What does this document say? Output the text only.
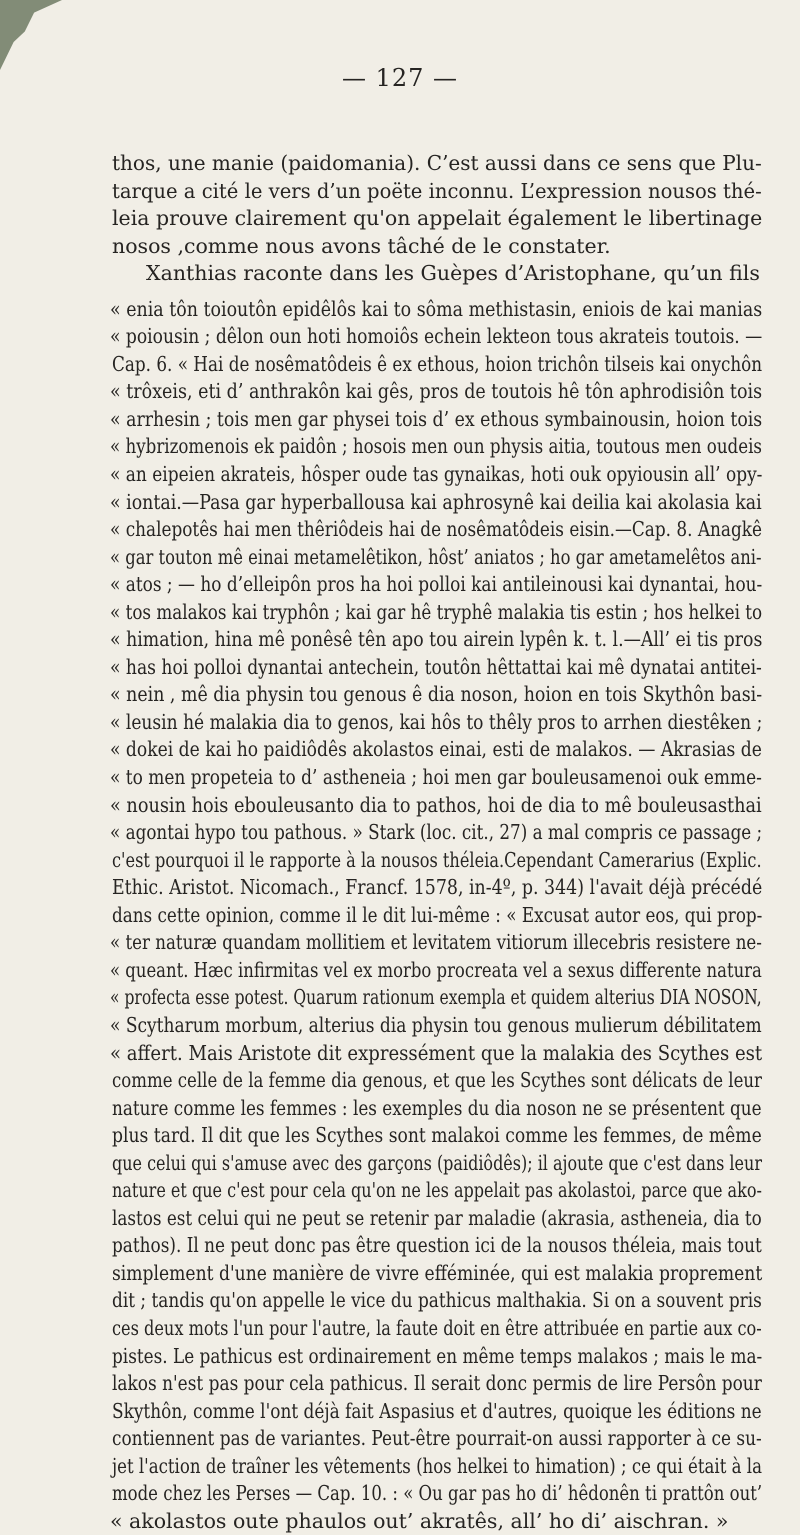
— 127 —
thos, une manie (paidomania). C’est aussi dans ce sens que Plu-
tarque a cité le vers d’un poëte inconnu. L’expression nousos thé-
leia prouve clairement qu'on appelait également le libertinage
nosos ,comme nous avons tâché de le constater.
Xanthias raconte dans les Guèpes d’Aristophane, qu’un fils
« enia tôn toioutôn epidêlôs kai to sôma methistasin, eniois de kai manias
« poiousin ; dêlon oun hoti homoiôs echein lekteon tous akrateis toutois. —
Cap. 6. « Hai de nosêmatôdeis ê ex ethous, hoion trichôn tilseis kai onychôn
« trôxeis, eti d’ anthrakôn kai gês, pros de toutois hê tôn aphrodisiôn tois
« arrhesin ; tois men gar physei tois d’ ex ethous symbainousin, hoion tois
« hybrizomenois ek paidôn ; hosois men oun physis aitia, toutous men oudeis
« an eipeien akrateis, hôsper oude tas gynaikas, hoti ouk opyiousin all’ opy-
« iontai.—Pasa gar hyperballousa kai aphrosynê kai deilia kai akolasia kai
« chalepotês hai men thêriôdeis hai de nosêmatôdeis eisin.—Cap. 8. Anagkê
« gar touton mê einai metamelêtikon, hôst’ aniatos ; ho gar ametamelêtos ani-
« atos ; — ho d’elleipôn pros ha hoi polloi kai antileinousi kai dynantai, hou-
« tos malakos kai tryphôn ; kai gar hê tryphê malakia tis estin ; hos helkei to
« himation, hina mê ponêsê tên apo tou airein lypên k. t. l.—All’ ei tis pros
« has hoi polloi dynantai antechein, toutôn hêttattai kai mê dynatai antitei-
« nein , mê dia physin tou genous ê dia noson, hoion en tois Skythôn basi-
« leusin hé malakia dia to genos, kai hôs to thêly pros to arrhen diestêken ;
« dokei de kai ho paidiôdês akolastos einai, esti de malakos. — Akrasias de
« to men propeteia to d’ astheneia ; hoi men gar bouleusamenoi ouk emme-
« nousin hois ebouleusanto dia to pathos, hoi de dia to mê bouleusasthai
« agontai hypo tou pathous. » Stark (loc. cit., 27) a mal compris ce passage ;
c'est pourquoi il le rapporte à la nousos théleia.Cependant Camerarius (Explic.
Ethic. Aristot. Nicomach., Francf. 1578, in-4º, p. 344) l'avait déjà précédé
dans cette opinion, comme il le dit lui-même : « Excusat autor eos, qui prop-
« ter naturæ quandam mollitiem et levitatem vitiorum illecebris resistere ne-
« queant. Hæc infirmitas vel ex morbo procreata vel a sexus differente natura
« profecta esse potest. Quarum rationum exempla et quidem alterius DIA NOSON,
« Scytharum morbum, alterius dia physin tou genous mulierum débilitatem
« affert. Mais Aristote dit expressément que la malakia des Scythes est
comme celle de la femme dia genous, et que les Scythes sont délicats de leur
nature comme les femmes : les exemples du dia noson ne se présentent que
plus tard. Il dit que les Scythes sont malakoi comme les femmes, de même
que celui qui s'amuse avec des garçons (paidiôdês); il ajoute que c'est dans leur
nature et que c'est pour cela qu'on ne les appelait pas akolastoi, parce que ako-
lastos est celui qui ne peut se retenir par maladie (akrasia, astheneia, dia to
pathos). Il ne peut donc pas être question ici de la nousos théleia, mais tout
simplement d'une manière de vivre efféminée, qui est malakia proprement
dit ; tandis qu'on appelle le vice du pathicus malthakia. Si on a souvent pris
ces deux mots l'un pour l'autre, la faute doit en être attribuée en partie aux co-
pistes. Le pathicus est ordinairement en même temps malakos ; mais le ma-
lakos n'est pas pour cela pathicus. Il serait donc permis de lire Persôn pour
Skythôn, comme l'ont déjà fait Aspasius et d'autres, quoique les éditions ne
contiennent pas de variantes. Peut-être pourrait-on aussi rapporter à ce su-
jet l'action de traîner les vêtements (hos helkei to himation) ; ce qui était à la
mode chez les Perses — Cap. 10. : « Ou gar pas ho di’ hêdonên ti prattôn out’
« akolastos oute phaulos out’ akratês, all’ ho di’ aischran. »
